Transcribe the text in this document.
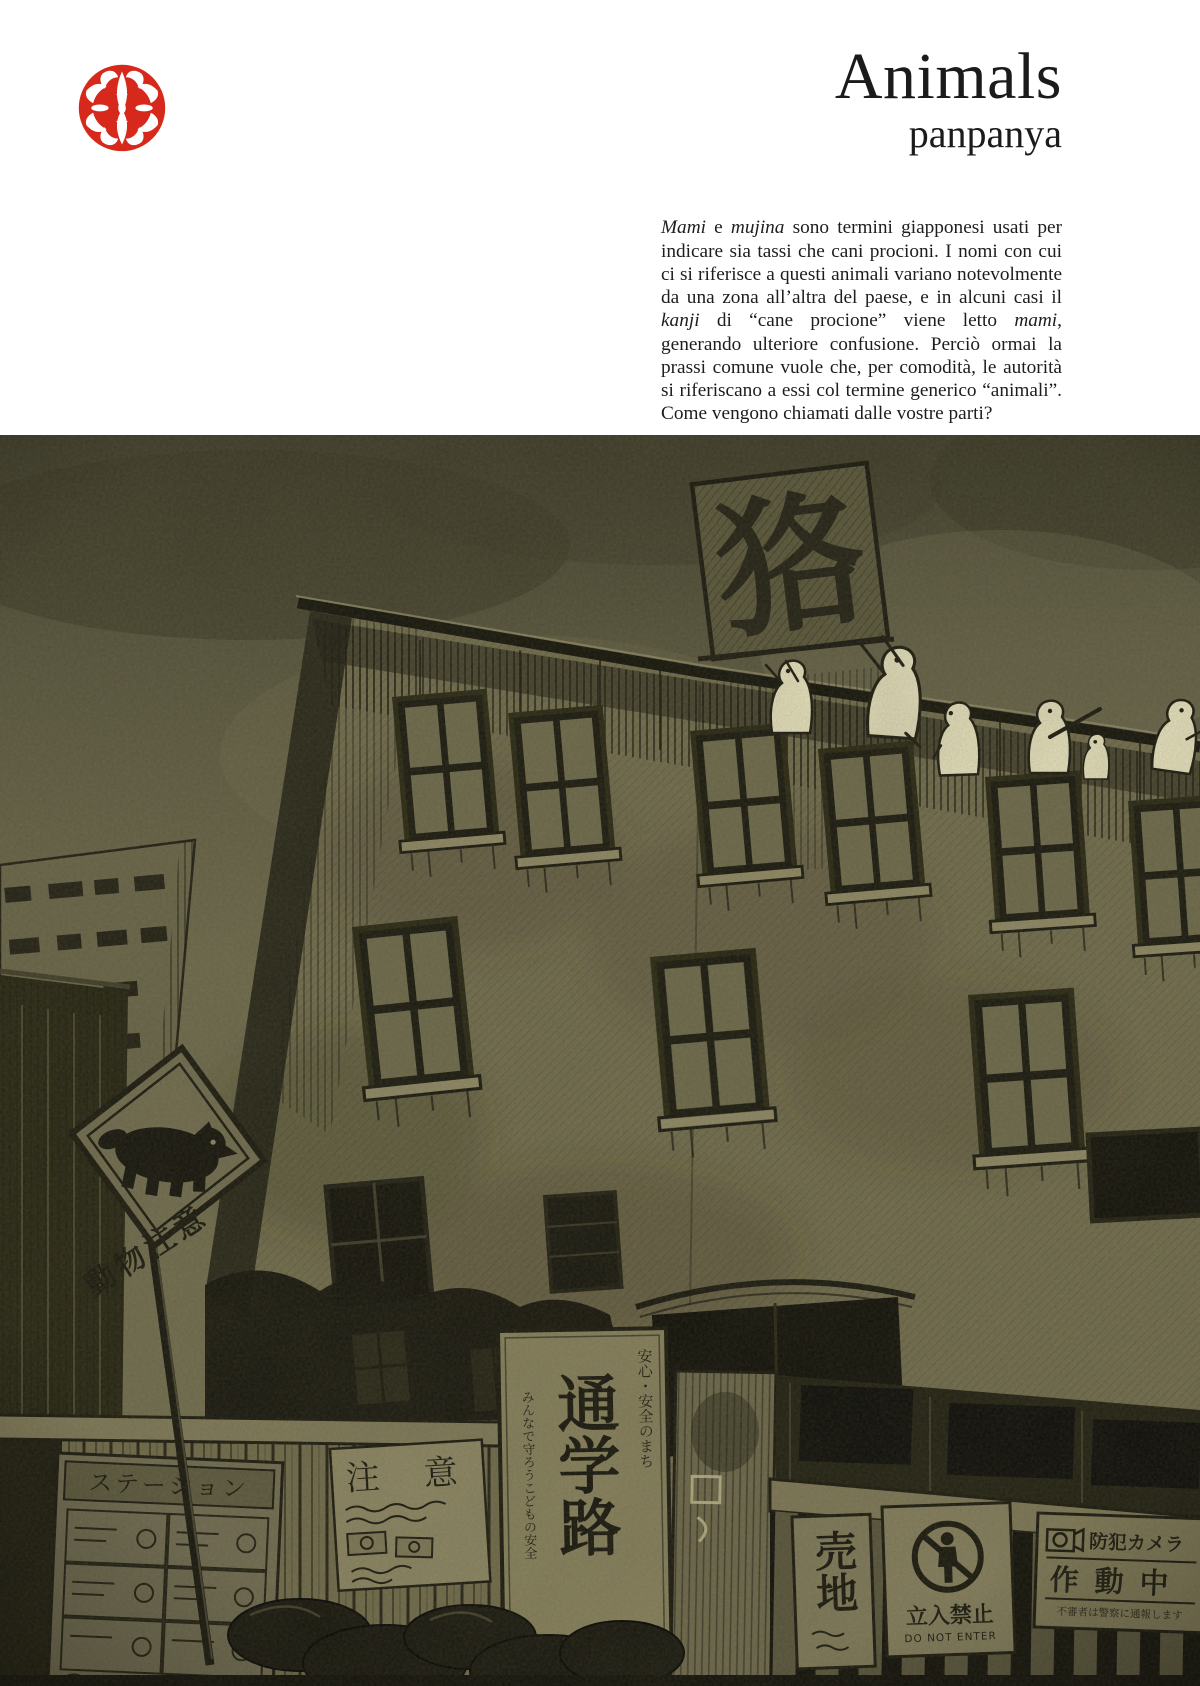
Animals
panpanya

Mami e mujina sono termini giapponesi usati per indicare sia tassi che cani procioni. I nomi con cui ci si riferisce a questi animali variano notevolmente da una zona all’altra del paese, e in alcuni casi il kanji di “cane procione” viene letto mami, generando ulteriore confusione. Perciò ormai la prassi comune vuole che, per comodità, le autorità si riferiscano a essi col termine generico “animali”. Come vengono chiamati dalle vostre parti?
